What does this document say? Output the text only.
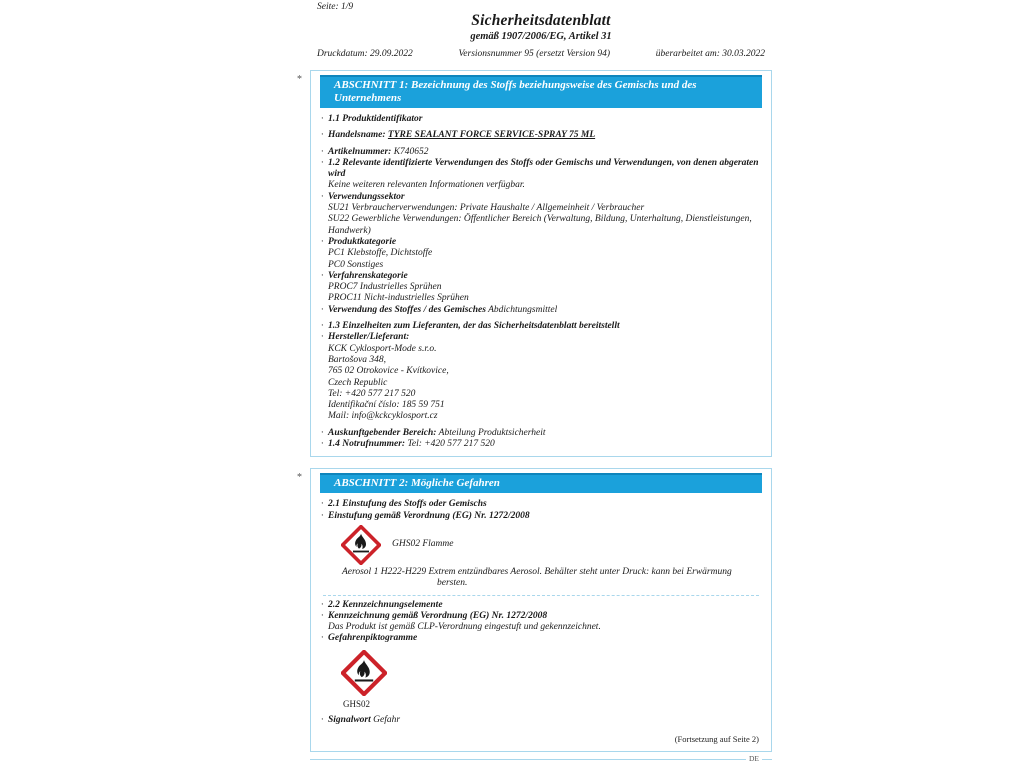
Seite: 1/9
Sicherheitsdatenblatt
gemäß 1907/2006/EG, Artikel 31
Druckdatum: 29.09.2022	Versionsnummer 95 (ersetzt Version 94)	überarbeitet am: 30.03.2022
*	ABSCHNITT 1: Bezeichnung des Stoffs beziehungsweise des Gemischs und des Unternehmens
· 1.1 Produktidentifikator
· Handelsname: TYRE SEALANT FORCE SERVICE-SPRAY 75 ML
· Artikelnummer: K740652
· 1.2 Relevante identifizierte Verwendungen des Stoffs oder Gemischs und Verwendungen, von denen abgeraten wird
Keine weiteren relevanten Informationen verfügbar.
· Verwendungssektor
SU21 Verbraucherverwendungen: Private Haushalte / Allgemeinheit / Verbraucher
SU22 Gewerbliche Verwendungen: Öffentlicher Bereich (Verwaltung, Bildung, Unterhaltung, Dienstleistungen, Handwerk)
· Produktkategorie
PC1 Klebstoffe, Dichtstoffe
PC0 Sonstiges
· Verfahrenskategorie
PROC7 Industrielles Sprühen
PROC11 Nicht-industrielles Sprühen
· Verwendung des Stoffes / des Gemisches Abdichtungsmittel
· 1.3 Einzelheiten zum Lieferanten, der das Sicherheitsdatenblatt bereitstellt
· Hersteller/Lieferant:
KCK Cyklosport-Mode s.r.o.
Bartošova 348,
765 02 Otrokovice - Kvítkovice,
Czech Republic
Tel: +420 577 217 520
Identifikační číslo: 185 59 751
Mail: info@kckcyklosport.cz
· Auskunftgebender Bereich: Abteilung Produktsicherheit
· 1.4 Notrufnummer: Tel: +420 577 217 520
*	ABSCHNITT 2: Mögliche Gefahren
· 2.1 Einstufung des Stoffs oder Gemischs
· Einstufung gemäß Verordnung (EG) Nr. 1272/2008
GHS02 Flamme
Aerosol 1 H222-H229 Extrem entzündbares Aerosol. Behälter steht unter Druck: kann bei Erwärmung
bersten.
· 2.2 Kennzeichnungselemente
· Kennzeichnung gemäß Verordnung (EG) Nr. 1272/2008
Das Produkt ist gemäß CLP-Verordnung eingestuft und gekennzeichnet.
· Gefahrenpiktogramme
GHS02
· Signalwort Gefahr
(Fortsetzung auf Seite 2)
DE
